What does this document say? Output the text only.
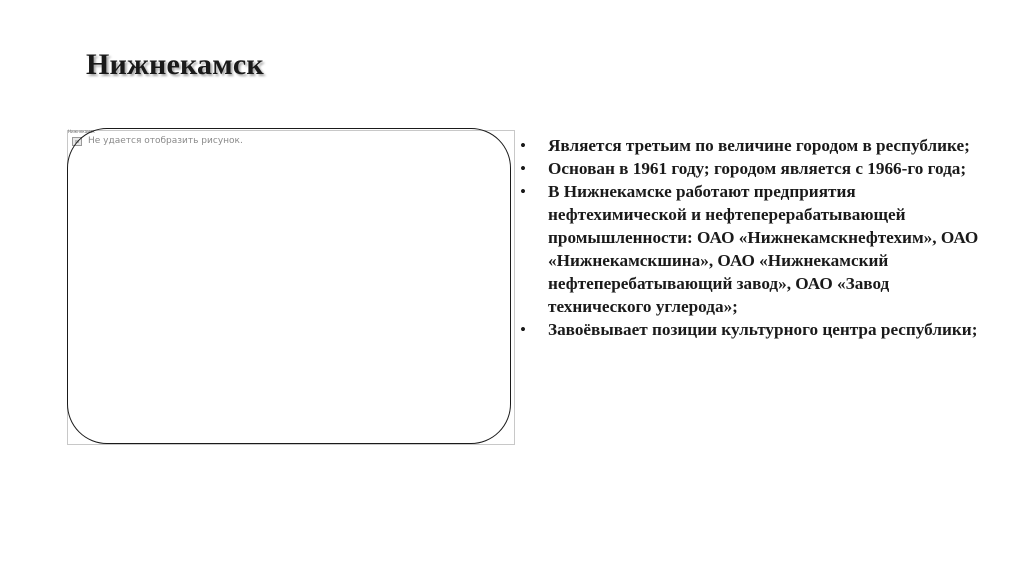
Нижнекамск
Нижнекамск
Не удается отобразить рисунок.	• Является третьим по величине городом в республике;
• Основан в 1961 году; городом является с 1966-го года;
• В Нижнекамске работают предприятия нефтехимической и нефтеперерабатывающей промышленности: ОАО «Нижнекамскнефтехим», ОАО «Нижнекамскшина», ОАО «Нижнекамский нефтеперебатывающий завод», ОАО «Завод технического углерода»;
• Завоёвывает позиции культурного центра республики;
